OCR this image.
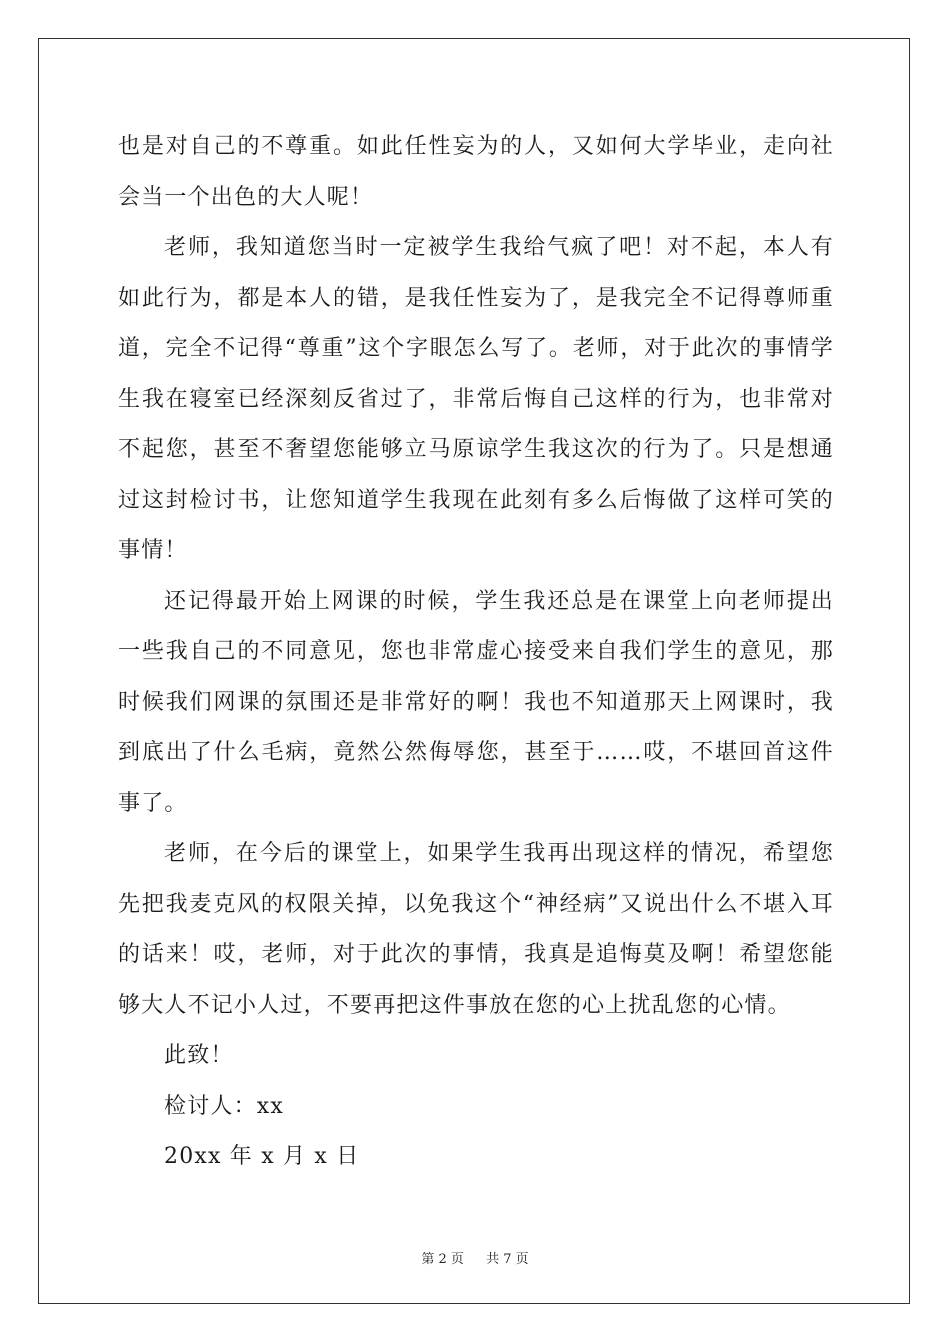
也是对自己的不尊重。如此任性妄为的人，又如何大学毕业，走向社会当一个出色的大人呢！

老师，我知道您当时一定被学生我给气疯了吧！对不起，本人有如此行为，都是本人的错，是我任性妄为了，是我完全不记得尊师重道，完全不记得“尊重”这个字眼怎么写了。老师，对于此次的事情学生我在寝室已经深刻反省过了，非常后悔自己这样的行为，也非常对不起您，甚至不奢望您能够立马原谅学生我这次的行为了。只是想通过这封检讨书，让您知道学生我现在此刻有多么后悔做了这样可笑的事情！

还记得最开始上网课的时候，学生我还总是在课堂上向老师提出一些我自己的不同意见，您也非常虚心接受来自我们学生的意见，那时候我们网课的氛围还是非常好的啊！我也不知道那天上网课时，我到底出了什么毛病，竟然公然侮辱您，甚至于……哎，不堪回首这件事了。

老师，在今后的课堂上，如果学生我再出现这样的情况，希望您先把我麦克风的权限关掉，以免我这个“神经病”又说出什么不堪入耳的话来！哎，老师，对于此次的事情，我真是追悔莫及啊！希望您能够大人不记小人过，不要再把这件事放在您的心上扰乱您的心情。

此致！

检讨人：xx

20xx 年 x 月 x 日

第 2 页 共 7 页
